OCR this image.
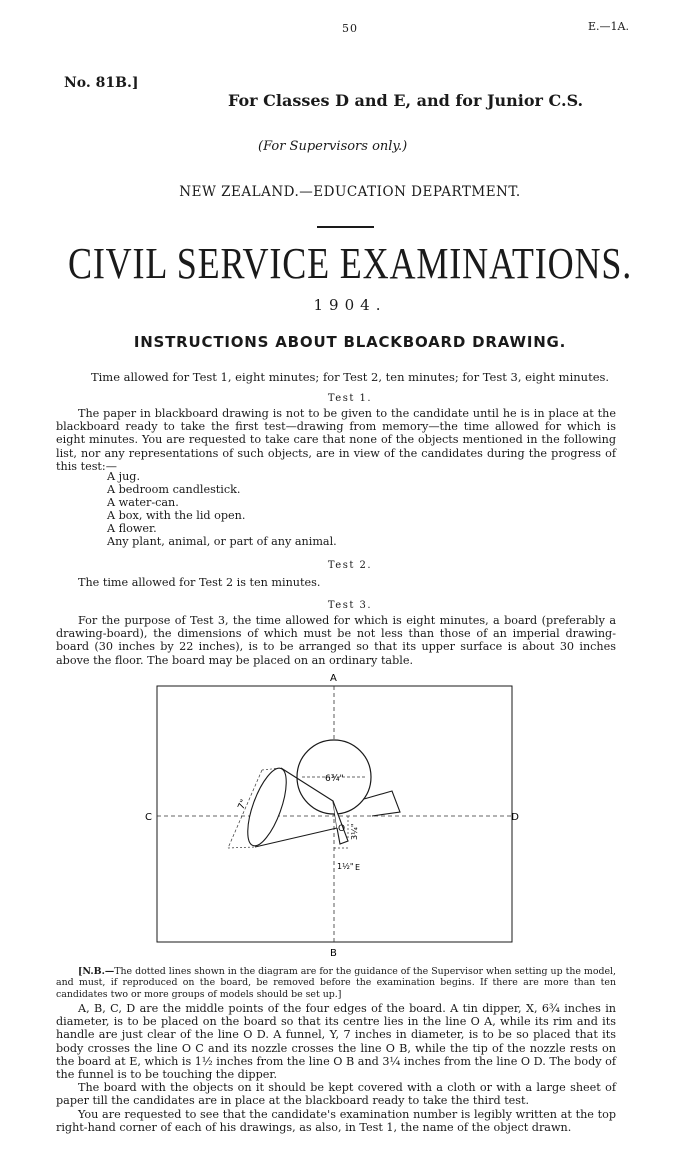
50	E.—1A.
No. 81B.]
For Classes D and E, and for Junior C.S.
(For Supervisors only.)
NEW ZEALAND.—EDUCATION DEPARTMENT.
CIVIL SERVICE EXAMINATIONS.
1904.
INSTRUCTIONS ABOUT BLACKBOARD DRAWING.
Time allowed for Test 1, eight minutes; for Test 2, ten minutes; for Test 3, eight minutes.
Test 1.
The paper in blackboard drawing is not to be given to the candidate until he is in place at the blackboard ready to take the first test—drawing from memory—the time allowed for which is eight minutes. You are requested to take care that none of the objects mentioned in the following list, nor any representations of such objects, are in view of the candidates during the progress of this test:—
A jug.
A bedroom candlestick.
A water-can.
A box, with the lid open.
A flower.
Any plant, animal, or part of any animal.
Test 2.
The time allowed for Test 2 is ten minutes.
Test 3.
For the purpose of Test 3, the time allowed for which is eight minutes, a board (preferably a drawing-board), the dimensions of which must be not less than those of an imperial drawing-board (30 inches by 22 inches), is to be arranged so that its upper surface is about 30 inches above the floor. The board may be placed on an ordinary table.
A
B
C	D
O
E
6¾"
7"
3¼"
1½"
[N.B.—The dotted lines shown in the diagram are for the guidance of the Supervisor when setting up the model, and must, if reproduced on the board, be removed before the examination begins. If there are more than ten candidates two or more groups of models should be set up.]
A, B, C, D are the middle points of the four edges of the board. A tin dipper, X, 6¾ inches in diameter, is to be placed on the board so that its centre lies in the line O A, while its rim and its handle are just clear of the line O D. A funnel, Y, 7 inches in diameter, is to be so placed that its body crosses the line O C and its nozzle crosses the line O B, while the tip of the nozzle rests on the board at E, which is 1½ inches from the line O B and 3¼ inches from the line O D. The body of the funnel is to be touching the dipper.
The board with the objects on it should be kept covered with a cloth or with a large sheet of paper till the candidates are in place at the blackboard ready to take the third test.
You are requested to see that the candidate's examination number is legibly written at the top right-hand corner of each of his drawings, as also, in Test 1, the name of the object drawn.
